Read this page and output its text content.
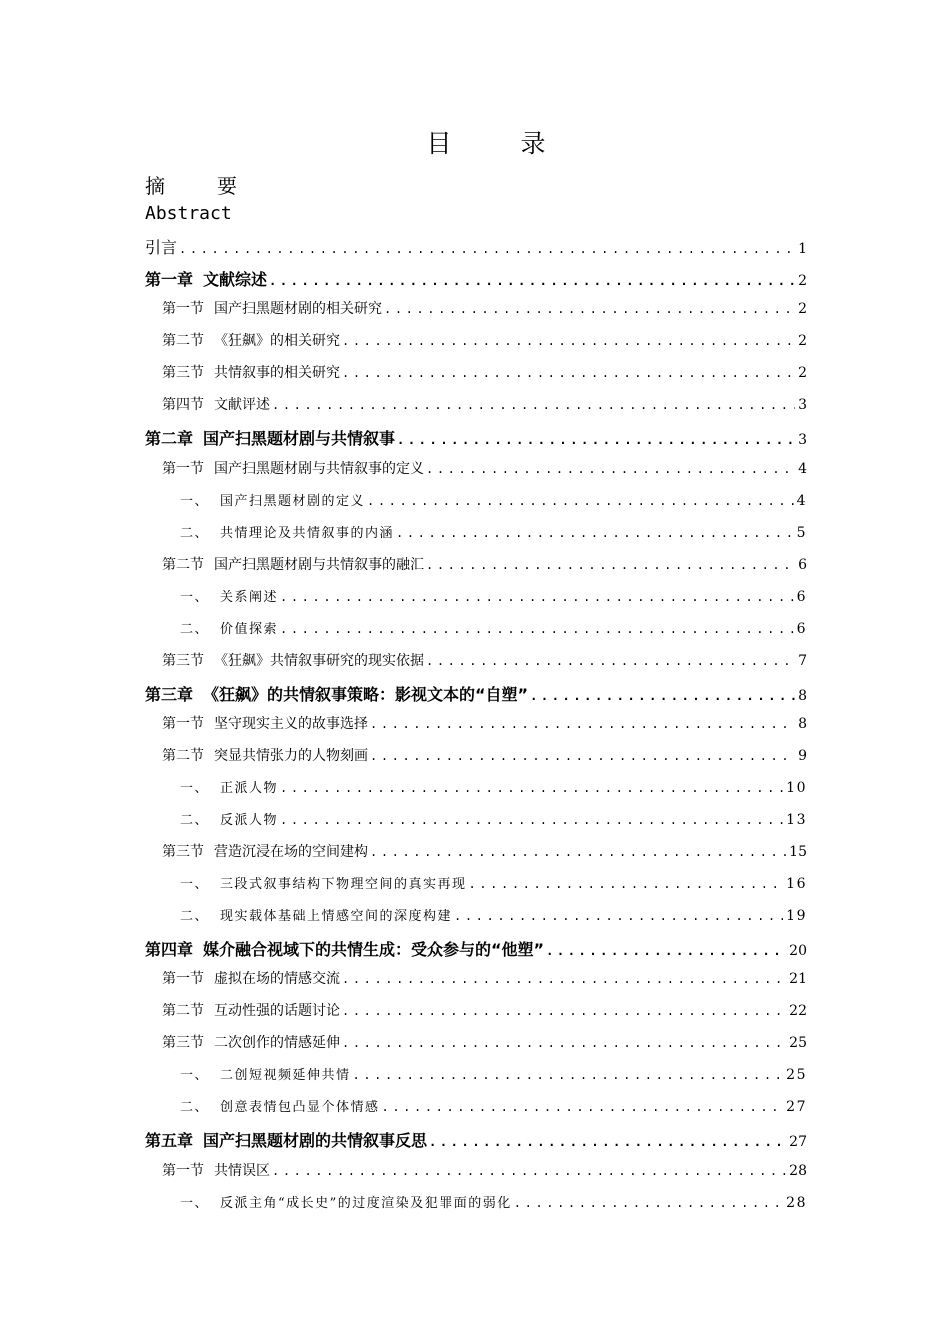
目　录
摘　要
Abstract
引言 .....	1
第一章 文献综述 .....	2
第一节 国产扫黑题材剧的相关研究 .....	2
第二节 《狂飙》的相关研究 .....	2
第三节 共情叙事的相关研究 .....	2
第四节 文献评述 .....	3
第二章 国产扫黑题材剧与共情叙事 .....	3
第一节 国产扫黑题材剧与共情叙事的定义 .....	4
一、 国产扫黑题材剧的定义 .....	4
二、 共情理论及共情叙事的内涵 .....	5
第二节 国产扫黑题材剧与共情叙事的融汇 .....	6
一、 关系阐述 .....	6
二、 价值探索 .....	6
第三节 《狂飙》共情叙事研究的现实依据 .....	7
第三章 《狂飙》的共情叙事策略：影视文本的“自塑” .....	8
第一节 坚守现实主义的故事选择 .....	8
第二节 突显共情张力的人物刻画 .....	9
一、 正派人物 .....	10
二、 反派人物 .....	13
第三节 营造沉浸在场的空间建构 .....	15
一、 三段式叙事结构下物理空间的真实再现 .....	16
二、 现实载体基础上情感空间的深度构建 .....	19
第四章 媒介融合视域下的共情生成：受众参与的“他塑” .....	20
第一节 虚拟在场的情感交流 .....	21
第二节 互动性强的话题讨论 .....	22
第三节 二次创作的情感延伸 .....	25
一、 二创短视频延伸共情 .....	25
二、 创意表情包凸显个体情感 .....	27
第五章 国产扫黑题材剧的共情叙事反思 .....	27
第一节 共情误区 .....	28
一、 反派主角“成长史”的过度渲染及犯罪面的弱化 .....	28
